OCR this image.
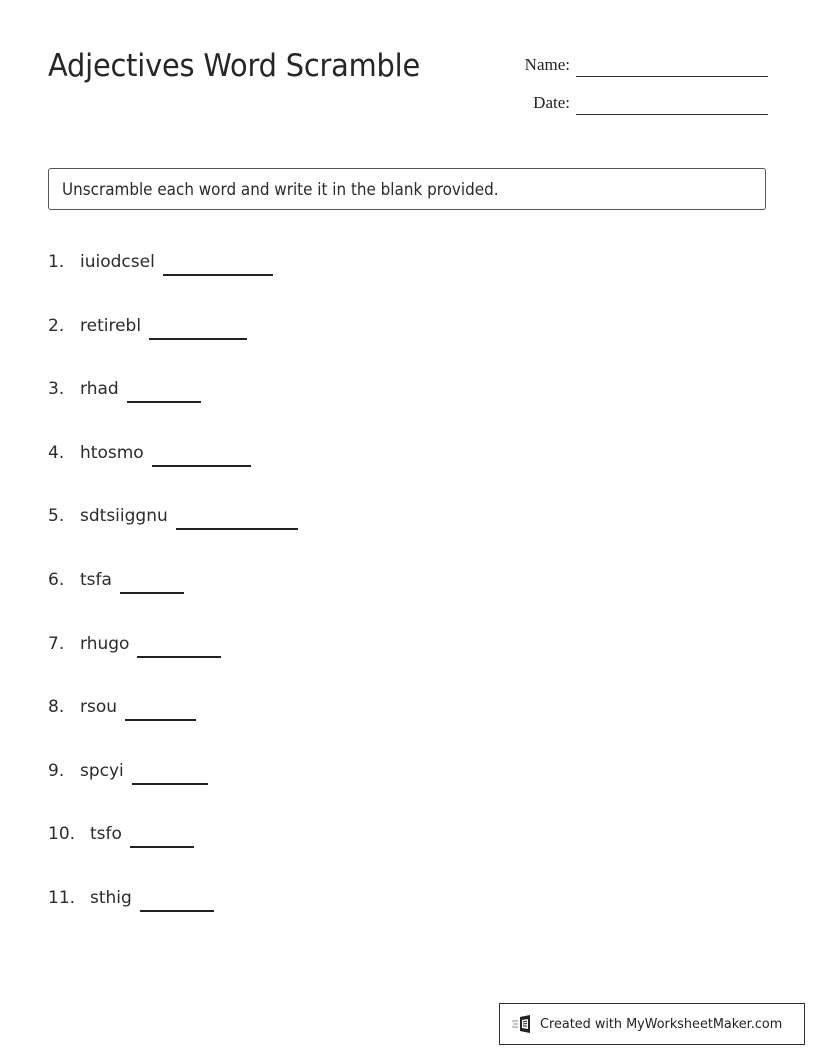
Adjectives Word Scramble	Name:
Date:
Unscramble each word and write it in the blank provided.
1. iuiodcsel
2. retirebl
3. rhad
4. htosmo
5. sdtsiiggnu
6. tsfa
7. rhugo
8. rsou
9. spcyi
10. tsfo
11. sthig
Created with MyWorksheetMaker.com
